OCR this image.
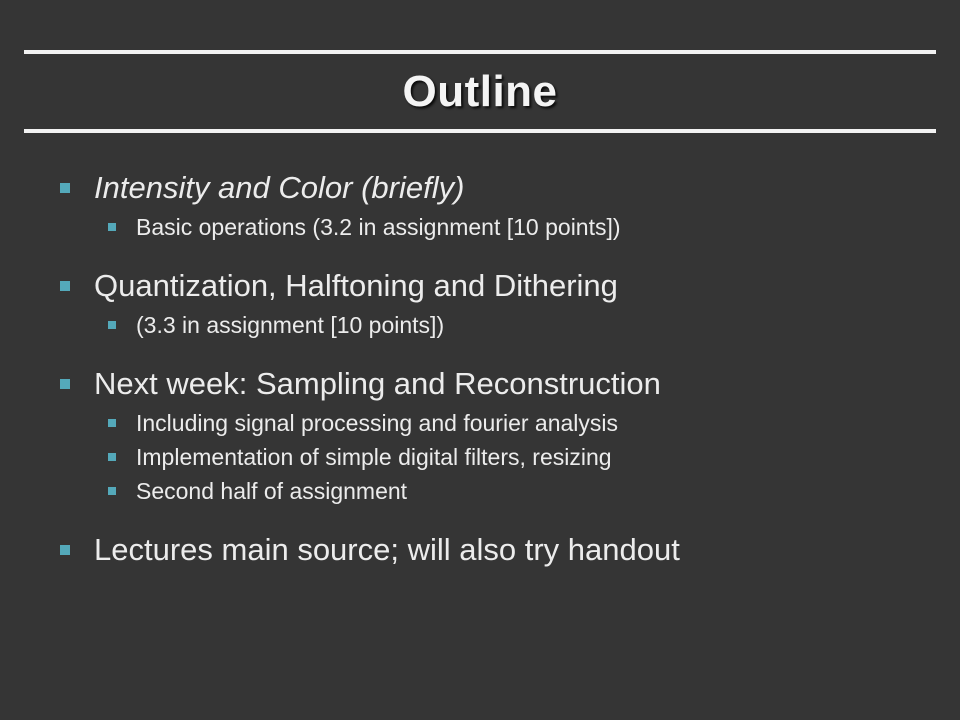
Outline
Intensity and Color (briefly)
Basic operations (3.2 in assignment [10 points])
Quantization, Halftoning and Dithering
(3.3 in assignment [10 points])
Next week: Sampling and Reconstruction
Including signal processing and fourier analysis
Implementation of simple digital filters, resizing
Second half of assignment
Lectures main source; will also try handout
